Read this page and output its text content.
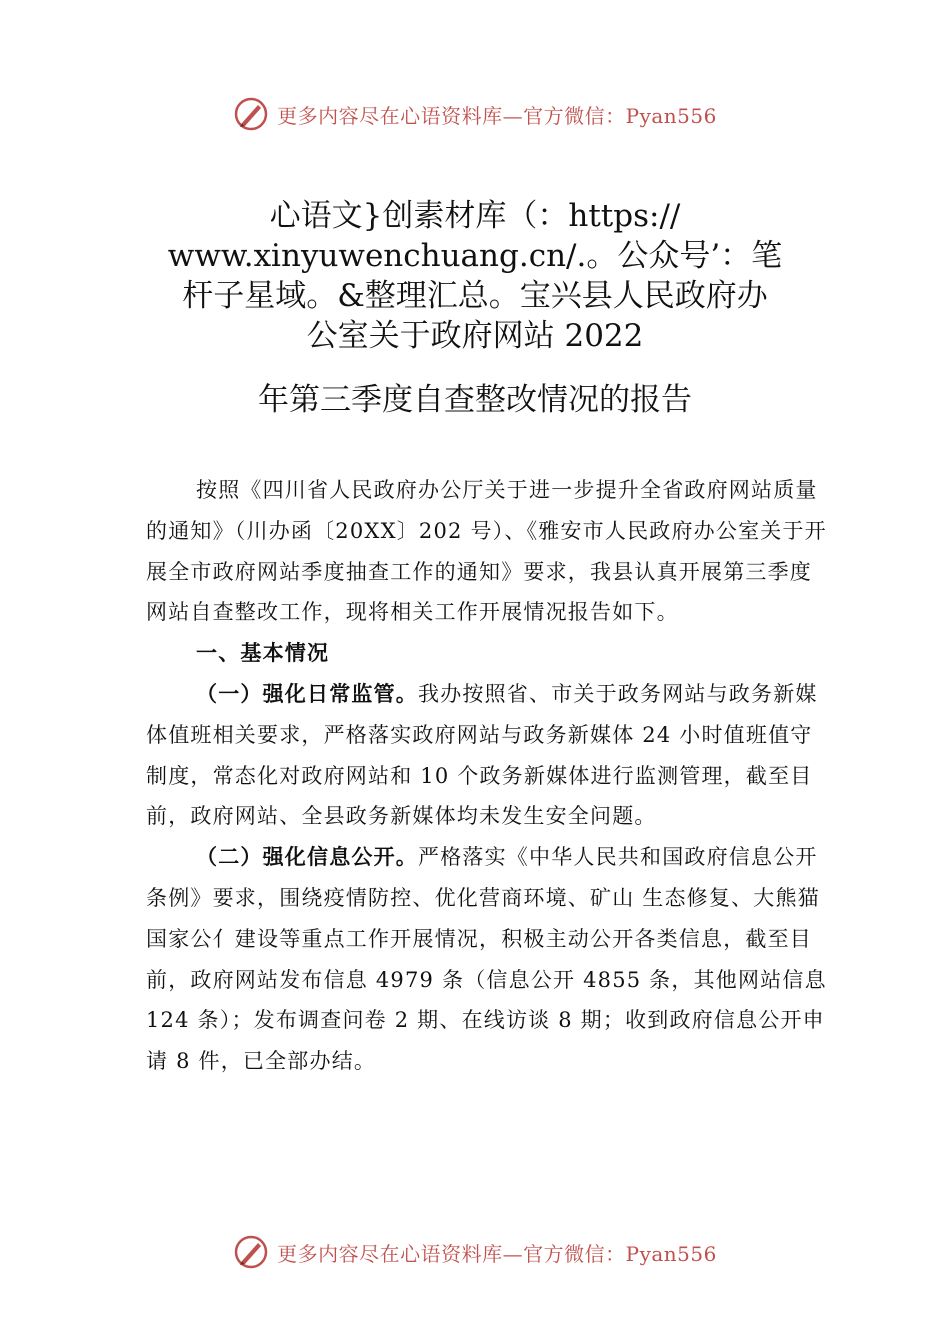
更多内容尽在心语资料库—官方微信：Pyan556
心语文}创素材库（：https://
www.xinyuwenchuang.cn/.。公众号’：笔
杆子星域。&整理汇总。宝兴县人民政府办
公室关于政府网站 2022
年第三季度自查整改情况的报告

按照《四川省人民政府办公厅关于进一步提升全省政府网站质量的通知》（川办函〔20XX〕202 号）、《雅安市人民政府办公室关于开展全市政府网站季度抽查工作的通知》要求，我县认真开展第三季度网站自查整改工作，现将相关工作开展情况报告如下。

一、基本情况

（一）强化日常监管。我办按照省、市关于政务网站与政务新媒体值班相关要求，严格落实政府网站与政务新媒体 24 小时值班值守制度，常态化对政府网站和 10 个政务新媒体进行监测管理，截至目前，政府网站、全县政务新媒体均未发生安全问题。

（二）强化信息公开。严格落实《中华人民共和国政府信息公开条例》要求，围绕疫情防控、优化营商环境、矿山 生态修复、大熊猫国家公⺅建设等重点工作开展情况，积极主动公开各类信息，截至目前，政府网站发布信息 4979 条（信息公开 4855 条，其他网站信息 124 条）；发布调查问卷 2 期、在线访谈 8 期；收到政府信息公开申请 8 件，已全部办结。

更多内容尽在心语资料库—官方微信：Pyan556
